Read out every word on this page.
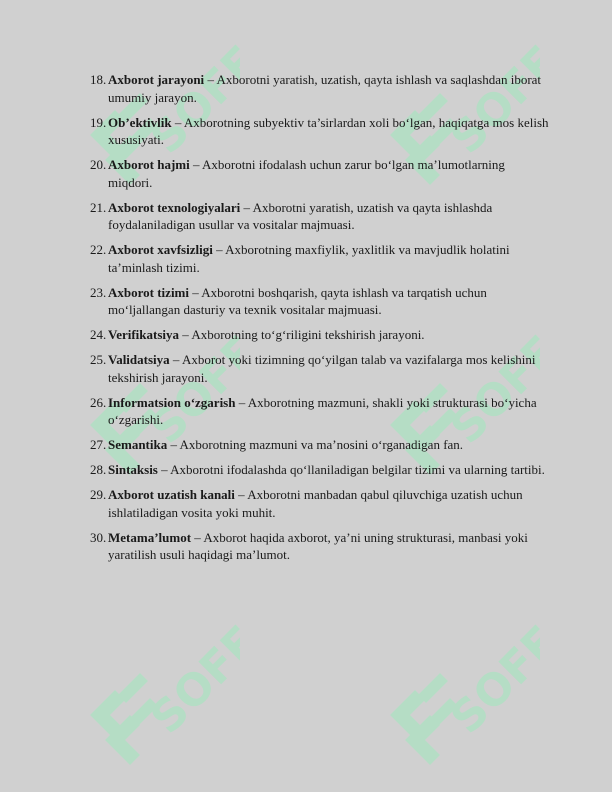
SOFF	SOFF
SOFF	SOFF
SOFF	SOFF
18. Axborot jarayoni – Axborotni yaratish, uzatish, qayta ishlash va saqlashdan iborat umumiy jarayon.
19. Ob’ektivlik – Axborotning subyektiv ta’sirlardan xoli bo‘lgan, haqiqatga mos kelish xususiyati.
20. Axborot hajmi – Axborotni ifodalash uchun zarur bo‘lgan ma’lumotlarning miqdori.
21. Axborot texnologiyalari – Axborotni yaratish, uzatish va qayta ishlashda foydalaniladigan usullar va vositalar majmuasi.
22. Axborot xavfsizligi – Axborotning maxfiylik, yaxlitlik va mavjudlik holatini ta’minlash tizimi.
23. Axborot tizimi – Axborotni boshqarish, qayta ishlash va tarqatish uchun mo‘ljallangan dasturiy va texnik vositalar majmuasi.
24. Verifikatsiya – Axborotning to‘g‘riligini tekshirish jarayoni.
25. Validatsiya – Axborot yoki tizimning qo‘yilgan talab va vazifalarga mos kelishini tekshirish jarayoni.
26. Informatsion o‘zgarish – Axborotning mazmuni, shakli yoki strukturasi bo‘yicha o‘zgarishi.
27. Semantika – Axborotning mazmuni va ma’nosini o‘rganadigan fan.
28. Sintaksis – Axborotni ifodalashda qo‘llaniladigan belgilar tizimi va ularning tartibi.
29. Axborot uzatish kanali – Axborotni manbadan qabul qiluvchiga uzatish uchun ishlatiladigan vosita yoki muhit.
30. Metama’lumot – Axborot haqida axborot, ya’ni uning strukturasi, manbasi yoki yaratilish usuli haqidagi ma’lumot.
